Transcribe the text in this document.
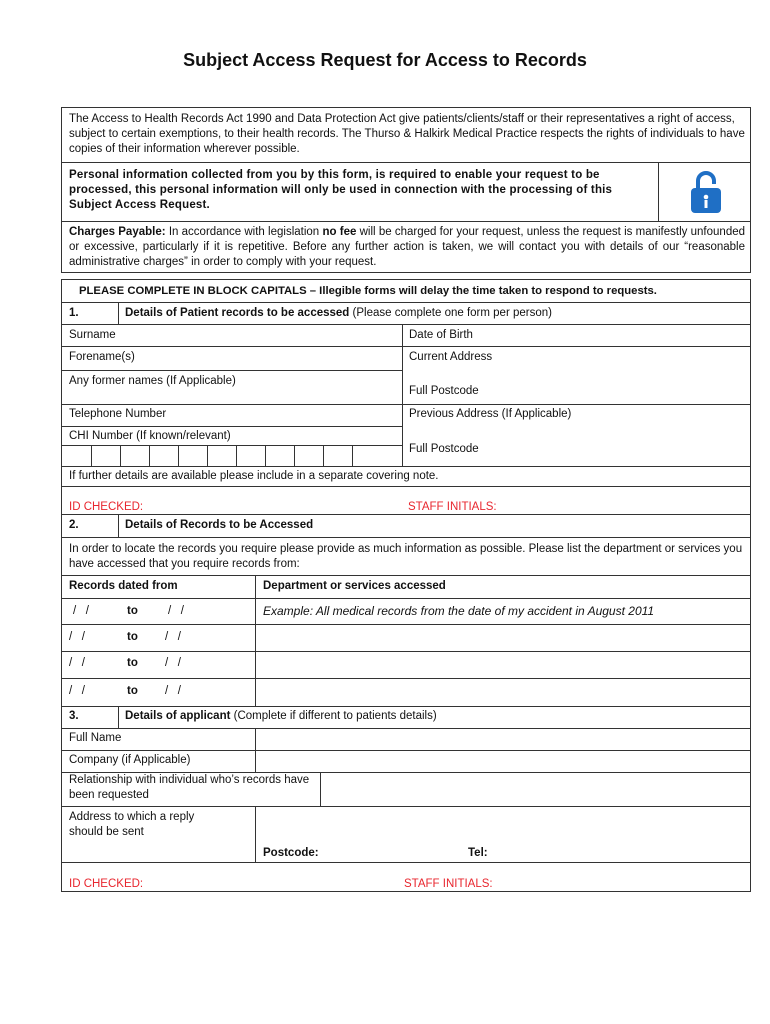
Subject Access Request for Access to Records
The Access to Health Records Act 1990 and Data Protection Act give patients/clients/staff or their representatives a right of access, subject to certain exemptions, to their health records. The Thurso & Halkirk Medical Practice respects the rights of individuals to have copies of their information wherever possible.
Personal information collected from you by this form, is required to enable your request to be processed, this personal information will only be used in connection with the processing of this Subject Access Request.
Charges Payable: In accordance with legislation no fee will be charged for your request, unless the request is manifestly unfounded or excessive, particularly if it is repetitive. Before any further action is taken, we will contact you with details of our “reasonable administrative charges” in order to comply with your request.
PLEASE COMPLETE IN BLOCK CAPITALS – Illegible forms will delay the time taken to respond to requests.
1.	Details of Patient records to be accessed (Please complete one form per person)
Surname	Date of Birth
Forename(s)	Current Address
Any former names (If Applicable)
Full Postcode
Telephone Number	Previous Address (If Applicable)
CHI Number (If known/relevant)
Full Postcode
If further details are available please include in a separate covering note.
ID CHECKED:	STAFF INITIALS:
2.	Details of Records to be Accessed
In order to locate the records you require please provide as much information as possible. Please list the department or services you have accessed that you require records from:
Records dated from	Department or services accessed
/   /	to	/   /	Example: All medical records from the date of my accident in August 2011
/   /	to /   /
/   /	to /   /
/   /	to /   /
3.	Details of applicant (Complete if different to patients details)
Full Name
Company (if Applicable)
Relationship with individual who’s records have been requested
Address to which a reply should be sent
Postcode:	Tel:
ID CHECKED:	STAFF INITIALS:
